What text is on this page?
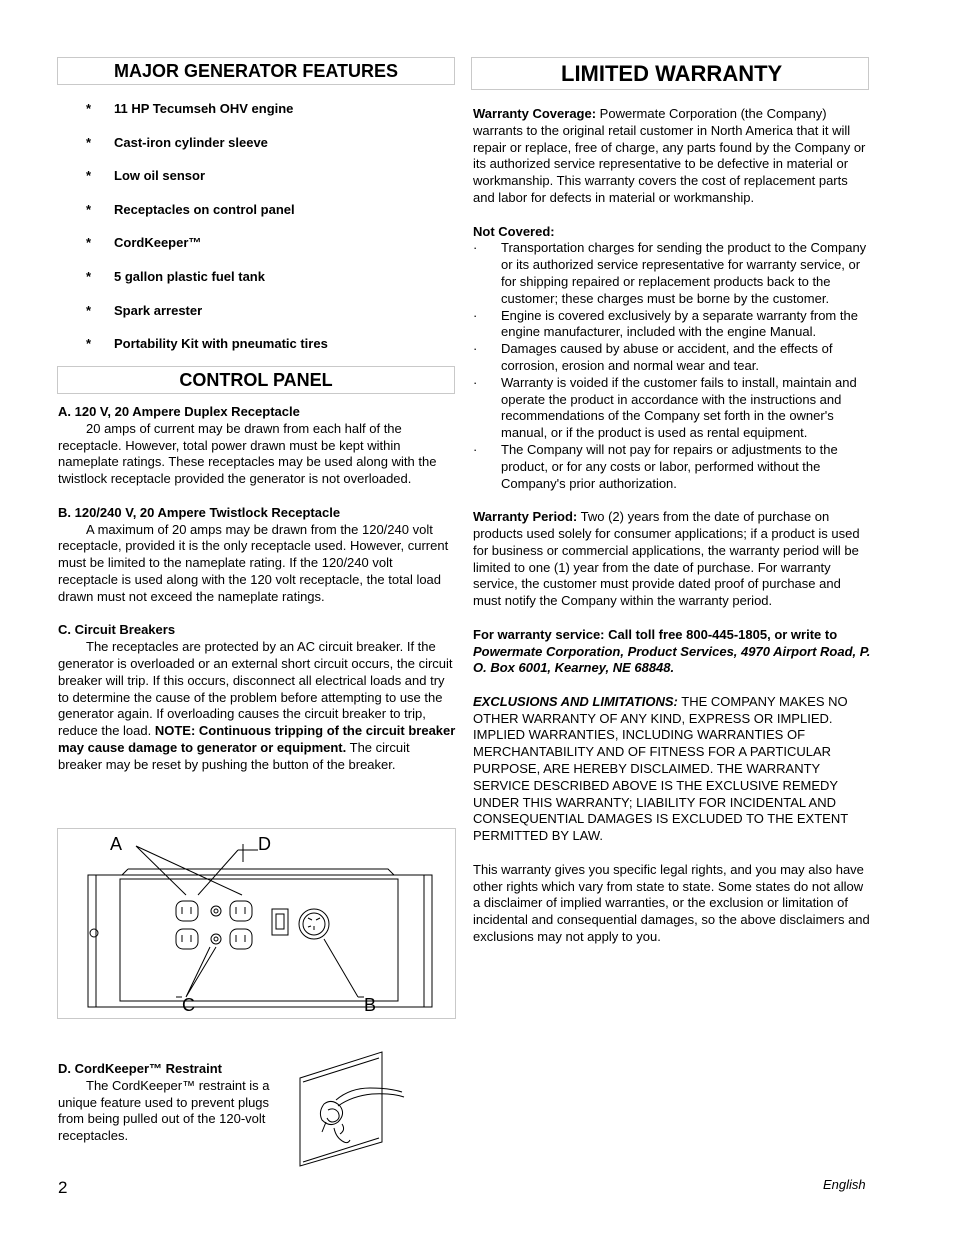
MAJOR GENERATOR FEATURES
*	11 HP Tecumseh OHV engine
*	Cast-iron cylinder sleeve
*	Low oil sensor
*	Receptacles on control panel
*	CordKeeper™
*	5 gallon plastic fuel tank
*	Spark arrester
*	Portability Kit with pneumatic tires
CONTROL PANEL

A. 120 V, 20 Ampere Duplex Receptacle

20 amps of current may be drawn from each half of the receptacle. However, total power drawn must be kept within nameplate ratings. These receptacles may be used along with the twistlock receptacle provided the generator is not overloaded.

B. 120/240 V, 20 Ampere Twistlock Receptacle

A maximum of 20 amps may be drawn from the 120/240 volt receptacle, provided it is the only receptacle used. However, current must be limited to the nameplate rating. If the 120/240 volt receptacle is used along with the 120 volt receptacle, the total load drawn must not exceed the nameplate ratings.

C. Circuit Breakers

The receptacles are protected by an AC circuit breaker. If the generator is overloaded or an external short circuit occurs, the circuit breaker will trip. If this occurs, disconnect all electrical loads and try to determine the cause of the problem before attempting to use the generator again. If overloading causes the circuit breaker to trip, reduce the load. NOTE: Continuous tripping of the circuit breaker may cause damage to generator or equipment. The circuit breaker may be reset by pushing the button of the breaker.

A	D
C	B

D. CordKeeper™ Restraint

The CordKeeper™ restraint is a unique feature used to prevent plugs from being pulled out of the 120-volt receptacles.

LIMITED WARRANTY

Warranty Coverage: Powermate Corporation (the Company) warrants to the original retail customer in North America that it will repair or replace, free of charge, any parts found by the Company or its authorized service representative to be defective in material or workmanship. This warranty covers the cost of replacement parts and labor for defects in material or workmanship.

Not Covered:

·	Transportation charges for sending the product to the Company or its authorized service representative for warranty service, or for shipping repaired or replacement products back to the customer; these charges must be borne by the customer.
·	Engine is covered exclusively by a separate warranty from the engine manufacturer, included with the engine Manual.
·	Damages caused by abuse or accident, and the effects of corrosion, erosion and normal wear and tear.
·	Warranty is voided if the customer fails to install, maintain and operate the product in accordance with the instructions and recommendations of the Company set forth in the owner's manual, or if the product is used as rental equipment.
·	The Company will not pay for repairs or adjustments to the product, or for any costs or labor, performed without the Company's prior authorization.

Warranty Period: Two (2) years from the date of purchase on products used solely for consumer applications; if a product is used for business or commercial applications, the warranty period will be limited to one (1) year from the date of purchase. For warranty service, the customer must provide dated proof of purchase and must notify the Company within the warranty period.

For warranty service: Call toll free 800-445-1805, or write to Powermate Corporation, Product Services, 4970 Airport Road, P. O. Box 6001, Kearney, NE 68848.

EXCLUSIONS AND LIMITATIONS: THE COMPANY MAKES NO OTHER WARRANTY OF ANY KIND, EXPRESS OR IMPLIED. IMPLIED WARRANTIES, INCLUDING WARRANTIES OF MERCHANTABILITY AND OF FITNESS FOR A PARTICULAR PURPOSE, ARE HEREBY DISCLAIMED. THE WARRANTY SERVICE DESCRIBED ABOVE IS THE EXCLUSIVE REMEDY UNDER THIS WARRANTY; LIABILITY FOR INCIDENTAL AND CONSEQUENTIAL DAMAGES IS EXCLUDED TO THE EXTENT PERMITTED BY LAW.

This warranty gives you specific legal rights, and you may also have other rights which vary from state to state. Some states do not allow a disclaimer of implied warranties, or the exclusion or limitation of incidental and consequential damages, so the above disclaimers and exclusions may not apply to you.

2	English
